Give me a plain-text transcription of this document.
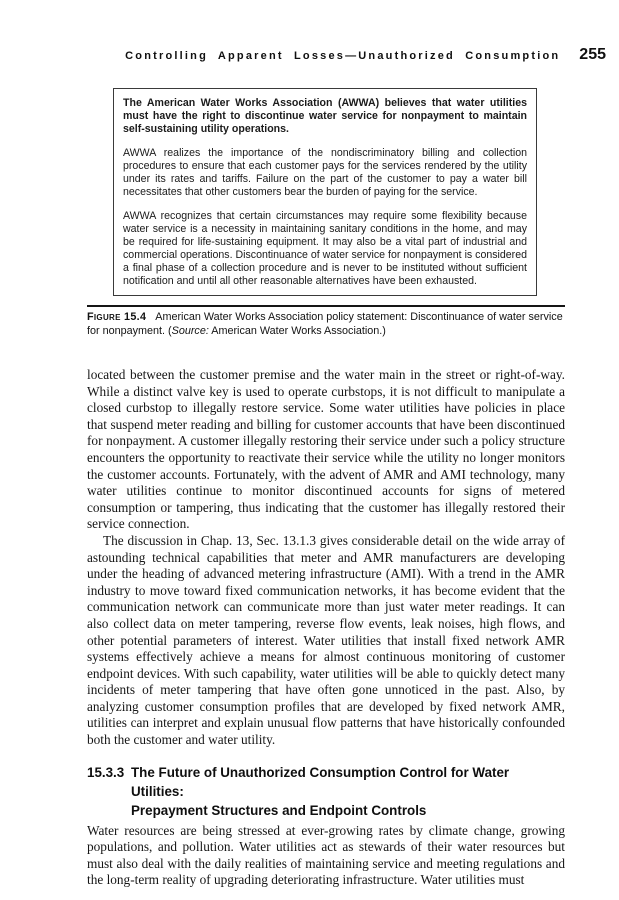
Controlling Apparent Losses—Unauthorized Consumption 255

The American Water Works Association (AWWA) believes that water utilities must have the right to discontinue water service for nonpayment to maintain self-sustaining utility operations.

AWWA realizes the importance of the nondiscriminatory billing and collection procedures to ensure that each customer pays for the services rendered by the utility under its rates and tariffs. Failure on the part of the customer to pay a water bill necessitates that other customers bear the burden of paying for the service.

AWWA recognizes that certain circumstances may require some flexibility because water service is a necessity in maintaining sanitary conditions in the home, and may be required for life-sustaining equipment. It may also be a vital part of industrial and commercial operations. Discontinuance of water service for nonpayment is considered a final phase of a collection procedure and is never to be instituted without sufficient notification and until all other reasonable alternatives have been exhausted.

Figure 15.4 American Water Works Association policy statement: Discontinuance of water service for nonpayment. (Source: American Water Works Association.)

located between the customer premise and the water main in the street or right-of-way. While a distinct valve key is used to operate curbstops, it is not difficult to manipulate a closed curbstop to illegally restore service. Some water utilities have policies in place that suspend meter reading and billing for customer accounts that have been discontinued for nonpayment. A customer illegally restoring their service under such a policy structure encounters the opportunity to reactivate their service while the utility no longer monitors the customer accounts. Fortunately, with the advent of AMR and AMI technology, many water utilities continue to monitor discontinued accounts for signs of metered consumption or tampering, thus indicating that the customer has illegally restored their service connection.

The discussion in Chap. 13, Sec. 13.1.3 gives considerable detail on the wide array of astounding technical capabilities that meter and AMR manufacturers are developing under the heading of advanced metering infrastructure (AMI). With a trend in the AMR industry to move toward fixed communication networks, it has become evident that the communication network can communicate more than just water meter readings. It can also collect data on meter tampering, reverse flow events, leak noises, high flows, and other potential parameters of interest. Water utilities that install fixed network AMR systems effectively achieve a means for almost continuous monitoring of customer endpoint devices. With such capability, water utilities will be able to quickly detect many incidents of meter tampering that have often gone unnoticed in the past. Also, by analyzing customer consumption profiles that are developed by fixed network AMR, utilities can interpret and explain unusual flow patterns that have historically confounded both the customer and water utility.

15.3.3 The Future of Unauthorized Consumption Control for Water Utilities:
Prepayment Structures and Endpoint Controls

Water resources are being stressed at ever-growing rates by climate change, growing populations, and pollution. Water utilities act as stewards of their water resources but must also deal with the daily realities of maintaining service and meeting regulations and the long-term reality of upgrading deteriorating infrastructure. Water utilities must
